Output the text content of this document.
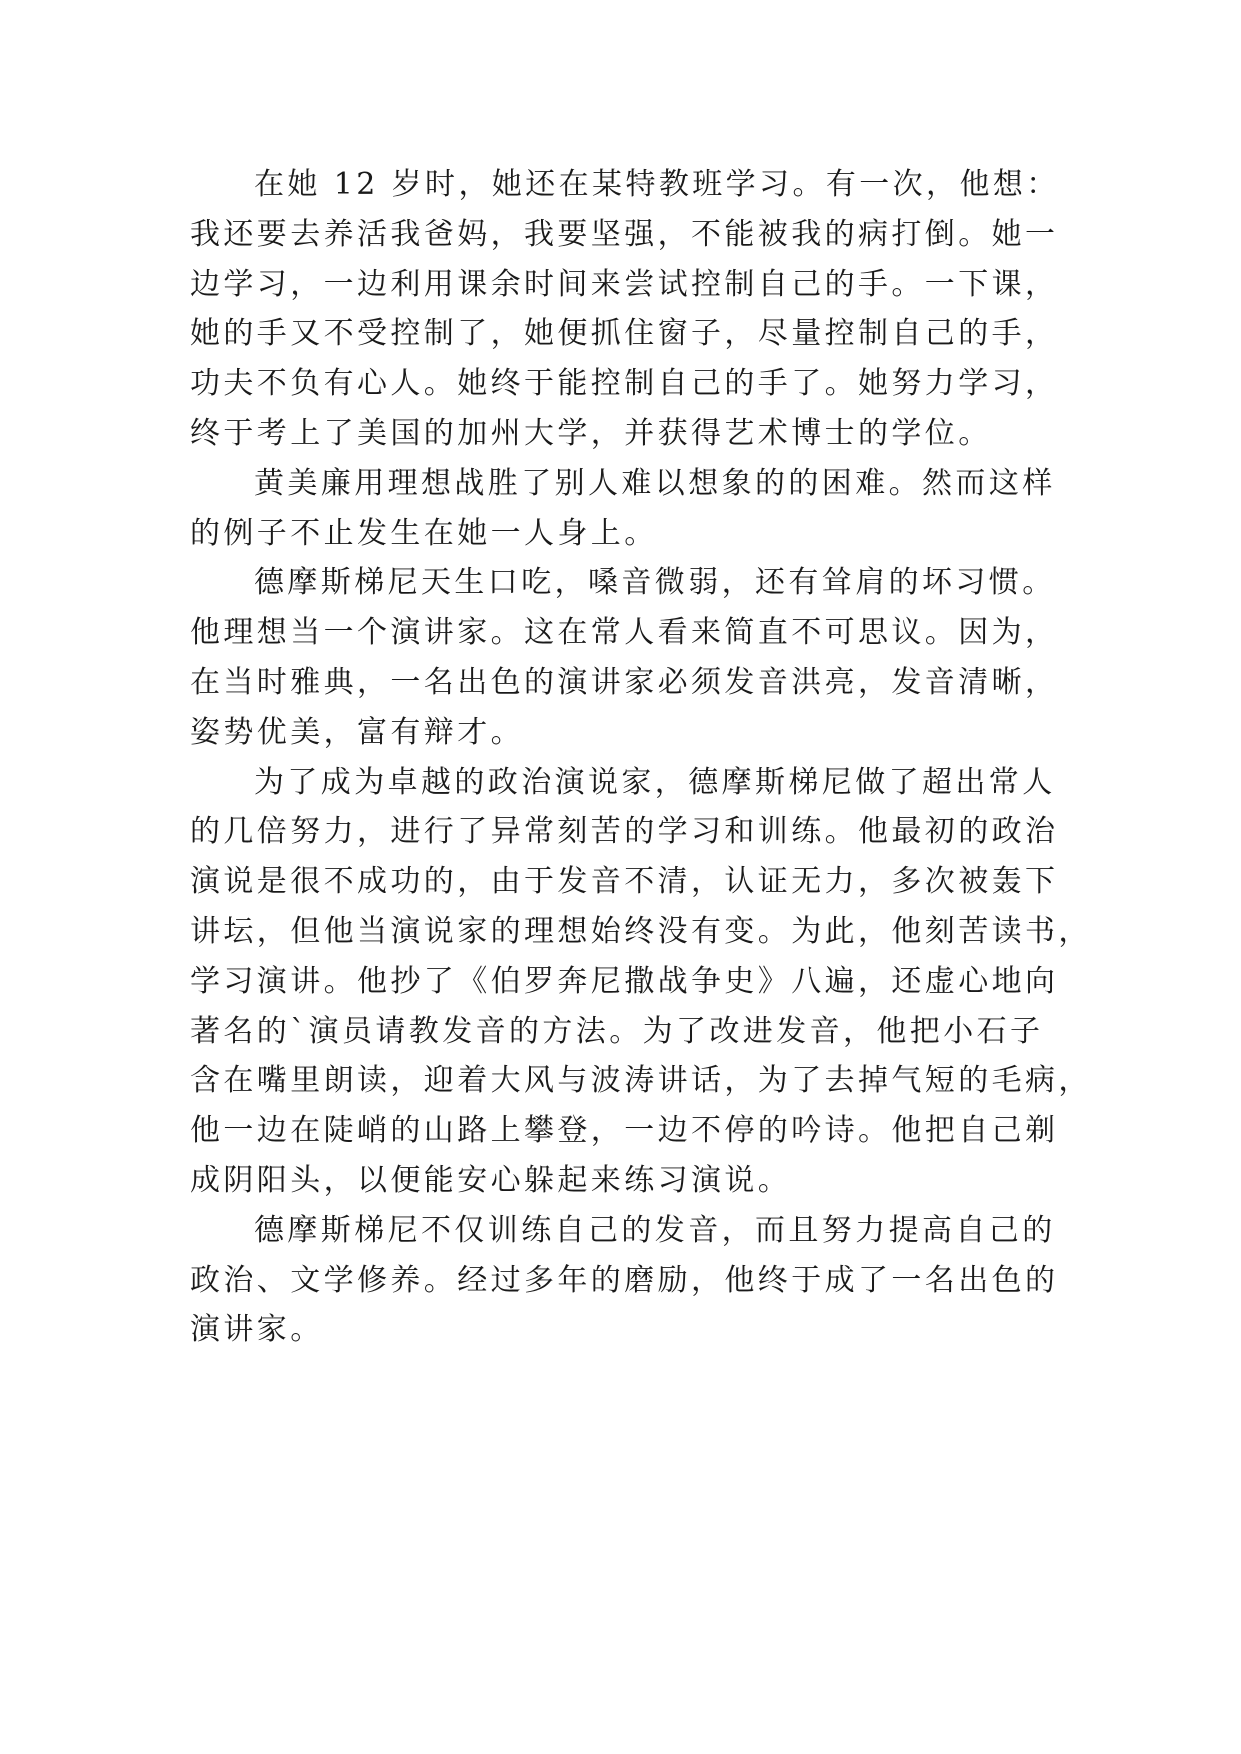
在她 12 岁时，她还在某特教班学习。有一次，他想：
我还要去养活我爸妈，我要坚强，不能被我的病打倒。她一
边学习，一边利用课余时间来尝试控制自己的手。一下课，
她的手又不受控制了，她便抓住窗子，尽量控制自己的手，
功夫不负有心人。她终于能控制自己的手了。她努力学习，
终于考上了美国的加州大学，并获得艺术博士的学位。
黄美廉用理想战胜了别人难以想象的的困难。然而这样
的例子不止发生在她一人身上。
德摩斯梯尼天生口吃，嗓音微弱，还有耸肩的坏习惯。
他理想当一个演讲家。这在常人看来简直不可思议。因为，
在当时雅典，一名出色的演讲家必须发音洪亮，发音清晰，
姿势优美，富有辩才。
为了成为卓越的政治演说家，德摩斯梯尼做了超出常人
的几倍努力，进行了异常刻苦的学习和训练。他最初的政治
演说是很不成功的，由于发音不清，认证无力，多次被轰下
讲坛，但他当演说家的理想始终没有变。为此，他刻苦读书，
学习演讲。他抄了《伯罗奔尼撒战争史》八遍，还虚心地向
著名的`演员请教发音的方法。为了改进发音，他把小石子
含在嘴里朗读，迎着大风与波涛讲话，为了去掉气短的毛病，
他一边在陡峭的山路上攀登，一边不停的吟诗。他把自己剃
成阴阳头，以便能安心躲起来练习演说。
德摩斯梯尼不仅训练自己的发音，而且努力提高自己的
政治、文学修养。经过多年的磨励，他终于成了一名出色的
演讲家。
